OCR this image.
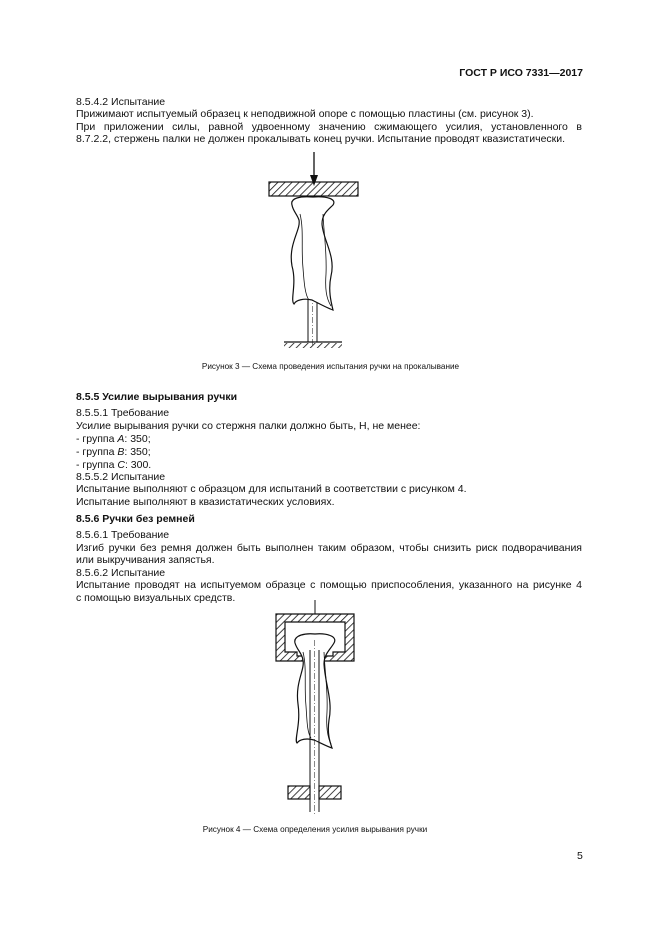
ГОСТ Р ИСО 7331—2017
8.5.4.2 Испытание
Прижимают испытуемый образец к неподвижной опоре с помощью пластины (см. рисунок 3).
При приложении силы, равной удвоенному значению сжимающего усилия, установленного в
8.7.2.2, стержень палки не должен прокалывать конец ручки. Испытание проводят квазистатически.
Рисунок 3 — Схема проведения испытания ручки на прокалывание
8.5.5 Усилие вырывания ручки
8.5.5.1 Требование
Усилие вырывания ручки со стержня палки должно быть, Н, не менее:
- группа А: 350;
- группа В: 350;
- группа С: 300.
8.5.5.2 Испытание
Испытание выполняют с образцом для испытаний в соответствии с рисунком 4.
Испытание выполняют в квазистатических условиях.
8.5.6 Ручки без ремней
8.5.6.1 Требование
Изгиб ручки без ремня должен быть выполнен таким образом, чтобы снизить риск подворачивания
или выкручивания запястья.
8.5.6.2 Испытание
Испытание проводят на испытуемом образце с помощью приспособления, указанного на рисунке 4
с помощью визуальных средств.
Рисунок 4 — Схема определения усилия вырывания ручки
5
